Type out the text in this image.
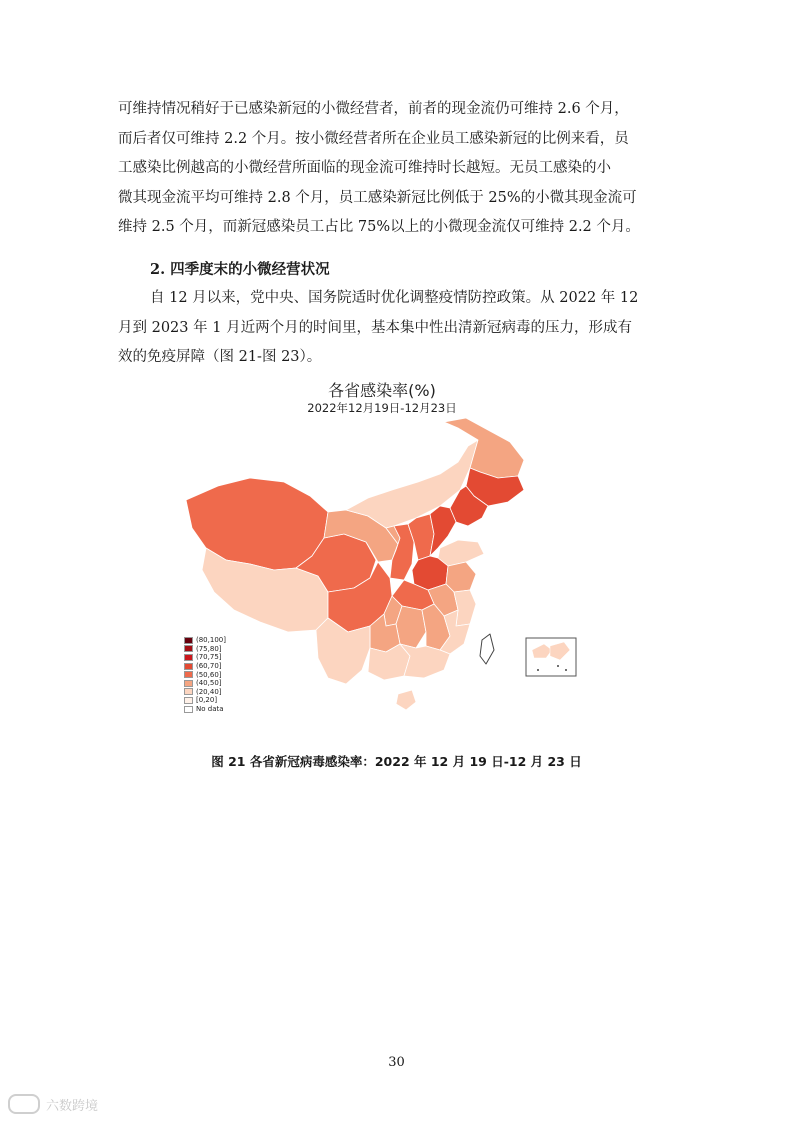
可维持情况稍好于已感染新冠的小微经营者，前者的现金流仍可维持 2.6 个月，
而后者仅可维持 2.2 个月。按小微经营者所在企业员工感染新冠的比例来看，员
工感染比例越高的小微经营所面临的现金流可维持时长越短。无员工感染的小
微其现金流平均可维持 2.8 个月，员工感染新冠比例低于 25%的小微其现金流可
维持 2.5 个月，而新冠感染员工占比 75%以上的小微现金流仅可维持 2.2 个月。
2. 四季度末的小微经营状况
自 12 月以来，党中央、国务院适时优化调整疫情防控政策。从 2022 年 12
月到 2023 年 1 月近两个月的时间里，基本集中性出清新冠病毒的压力，形成有
效的免疫屏障（图 21-图 23）。
各省感染率(%)
2022年12月19日-12月23日
(80,100]
(75,80]
(70,75]
(60,70]
(50,60]
(40,50]
(20,40]
[0,20]
No data
图 21 各省新冠病毒感染率：2022 年 12 月 19 日-12 月 23 日
30
六数跨境
